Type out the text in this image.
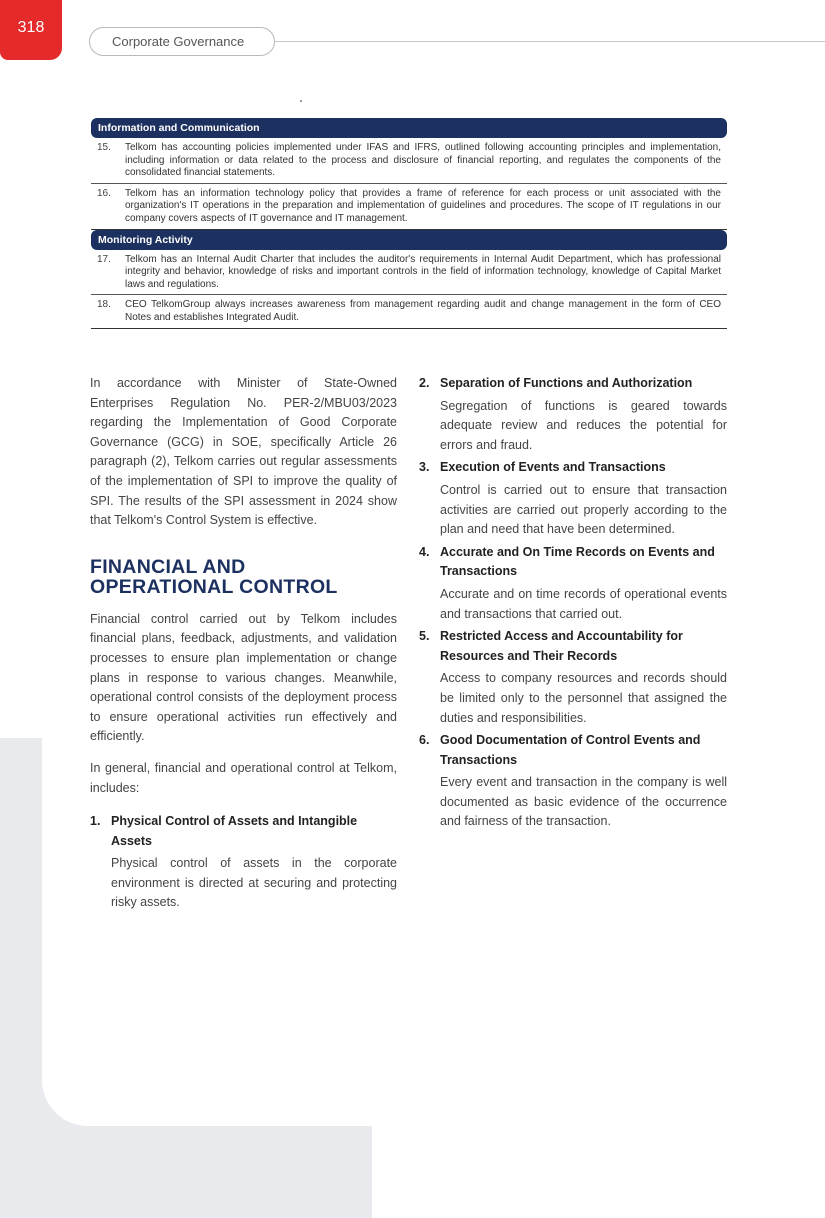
318
Corporate Governance
Information and Communication
15.	Telkom has accounting policies implemented under IFAS and IFRS, outlined following accounting principles and implementation, including information or data related to the process and disclosure of financial reporting, and regulates the components of the consolidated financial statements.
16.	Telkom has an information technology policy that provides a frame of reference for each process or unit associated with the organization's IT operations in the preparation and implementation of guidelines and procedures. The scope of IT regulations in our company covers aspects of IT governance and IT management.
Monitoring Activity
17.	Telkom has an Internal Audit Charter that includes the auditor's requirements in Internal Audit Department, which has professional integrity and behavior, knowledge of risks and important controls in the field of information technology, knowledge of Capital Market laws and regulations.
18.	CEO TelkomGroup always increases awareness from management regarding audit and change management in the form of CEO Notes and establishes Integrated Audit.

In accordance with Minister of State-Owned Enterprises Regulation No. PER-2/MBU03/2023 regarding the Implementation of Good Corporate Governance (GCG) in SOE, specifically Article 26 paragraph (2), Telkom carries out regular assessments of the implementation of SPI to improve the quality of SPI. The results of the SPI assessment in 2024 show that Telkom's Control System is effective.

FINANCIAL AND
OPERATIONAL CONTROL

Financial control carried out by Telkom includes financial plans, feedback, adjustments, and validation processes to ensure plan implementation or change plans in response to various changes. Meanwhile, operational control consists of the deployment process to ensure operational activities run effectively and efficiently.

In general, financial and operational control at Telkom, includes:

1. Physical Control of Assets and Intangible Assets
Physical control of assets in the corporate environment is directed at securing and protecting risky assets.
2. Separation of Functions and Authorization
Segregation of functions is geared towards adequate review and reduces the potential for errors and fraud.
3. Execution of Events and Transactions
Control is carried out to ensure that transaction activities are carried out properly according to the plan and need that have been determined.
4. Accurate and On Time Records on Events and Transactions
Accurate and on time records of operational events and transactions that carried out.
5. Restricted Access and Accountability for Resources and Their Records
Access to company resources and records should be limited only to the personnel that assigned the duties and responsibilities.
6. Good Documentation of Control Events and Transactions
Every event and transaction in the company is well documented as basic evidence of the occurrence and fairness of the transaction.
